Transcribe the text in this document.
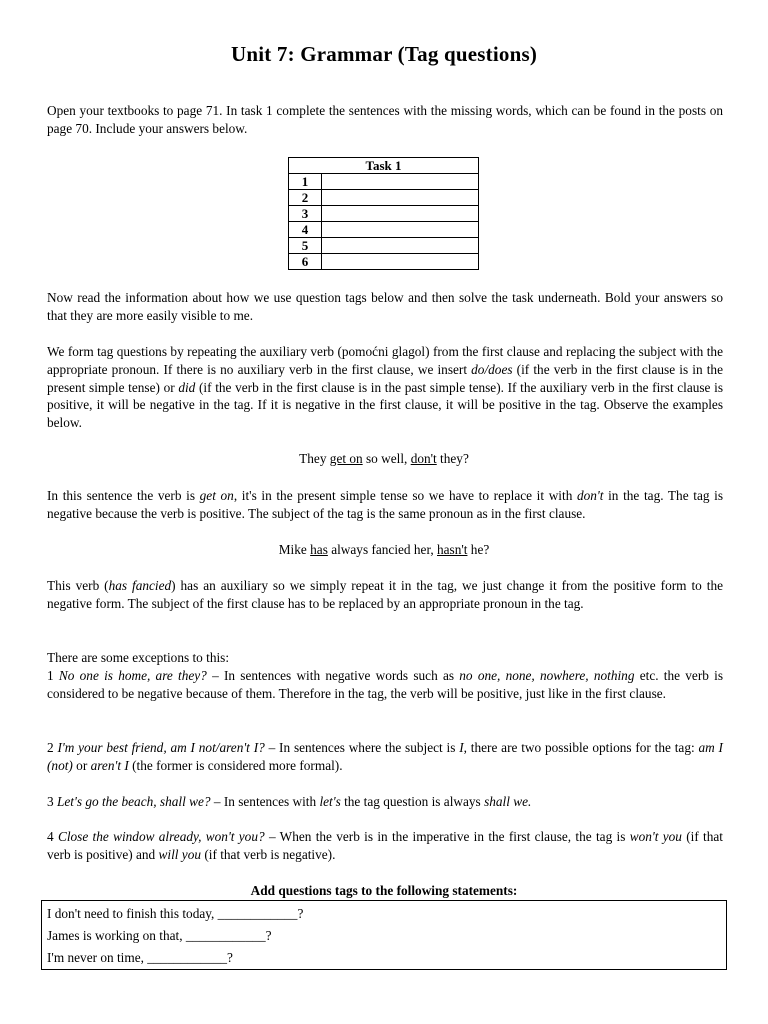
Unit 7: Grammar (Tag questions)
Open your textbooks to page 71. In task 1 complete the sentences with the missing words, which can be found in the posts on page 70. Include your answers below.
Task 1	
1	
2	
3	
4	
5	
6	
Now read the information about how we use question tags below and then solve the task underneath. Bold your answers so that they are more easily visible to me.
We form tag questions by repeating the auxiliary verb (pomoćni glagol) from the first clause and replacing the subject with the appropriate pronoun. If there is no auxiliary verb in the first clause, we insert do/does (if the verb in the first clause is in the present simple tense) or did (if the verb in the first clause is in the past simple tense). If the auxiliary verb in the first clause is positive, it will be negative in the tag. If it is negative in the first clause, it will be positive in the tag. Observe the examples below.
They get on so well, don't they?
In this sentence the verb is get on, it's in the present simple tense so we have to replace it with don't in the tag. The tag is negative because the verb is positive. The subject of the tag is the same pronoun as in the first clause.
Mike has always fancied her, hasn't he?
This verb (has fancied) has an auxiliary so we simply repeat it in the tag, we just change it from the positive form to the negative form. The subject of the first clause has to be replaced by an appropriate pronoun in the tag.
There are some exceptions to this:
1 No one is home, are they? – In sentences with negative words such as no one, none, nowhere, nothing etc. the verb is considered to be negative because of them. Therefore in the tag, the verb will be positive, just like in the first clause.
2 I'm your best friend, am I not/aren't I? – In sentences where the subject is I, there are two possible options for the tag: am I (not) or aren't I (the former is considered more formal).
3 Let's go the beach, shall we? – In sentences with let's the tag question is always shall we.
4 Close the window already, won't you? – When the verb is in the imperative in the first clause, the tag is won't you (if that verb is positive) and will you (if that verb is negative).
Add questions tags to the following statements:
I don't need to finish this today, ____________?
James is working on that, ____________?
I'm never on time, ____________?
